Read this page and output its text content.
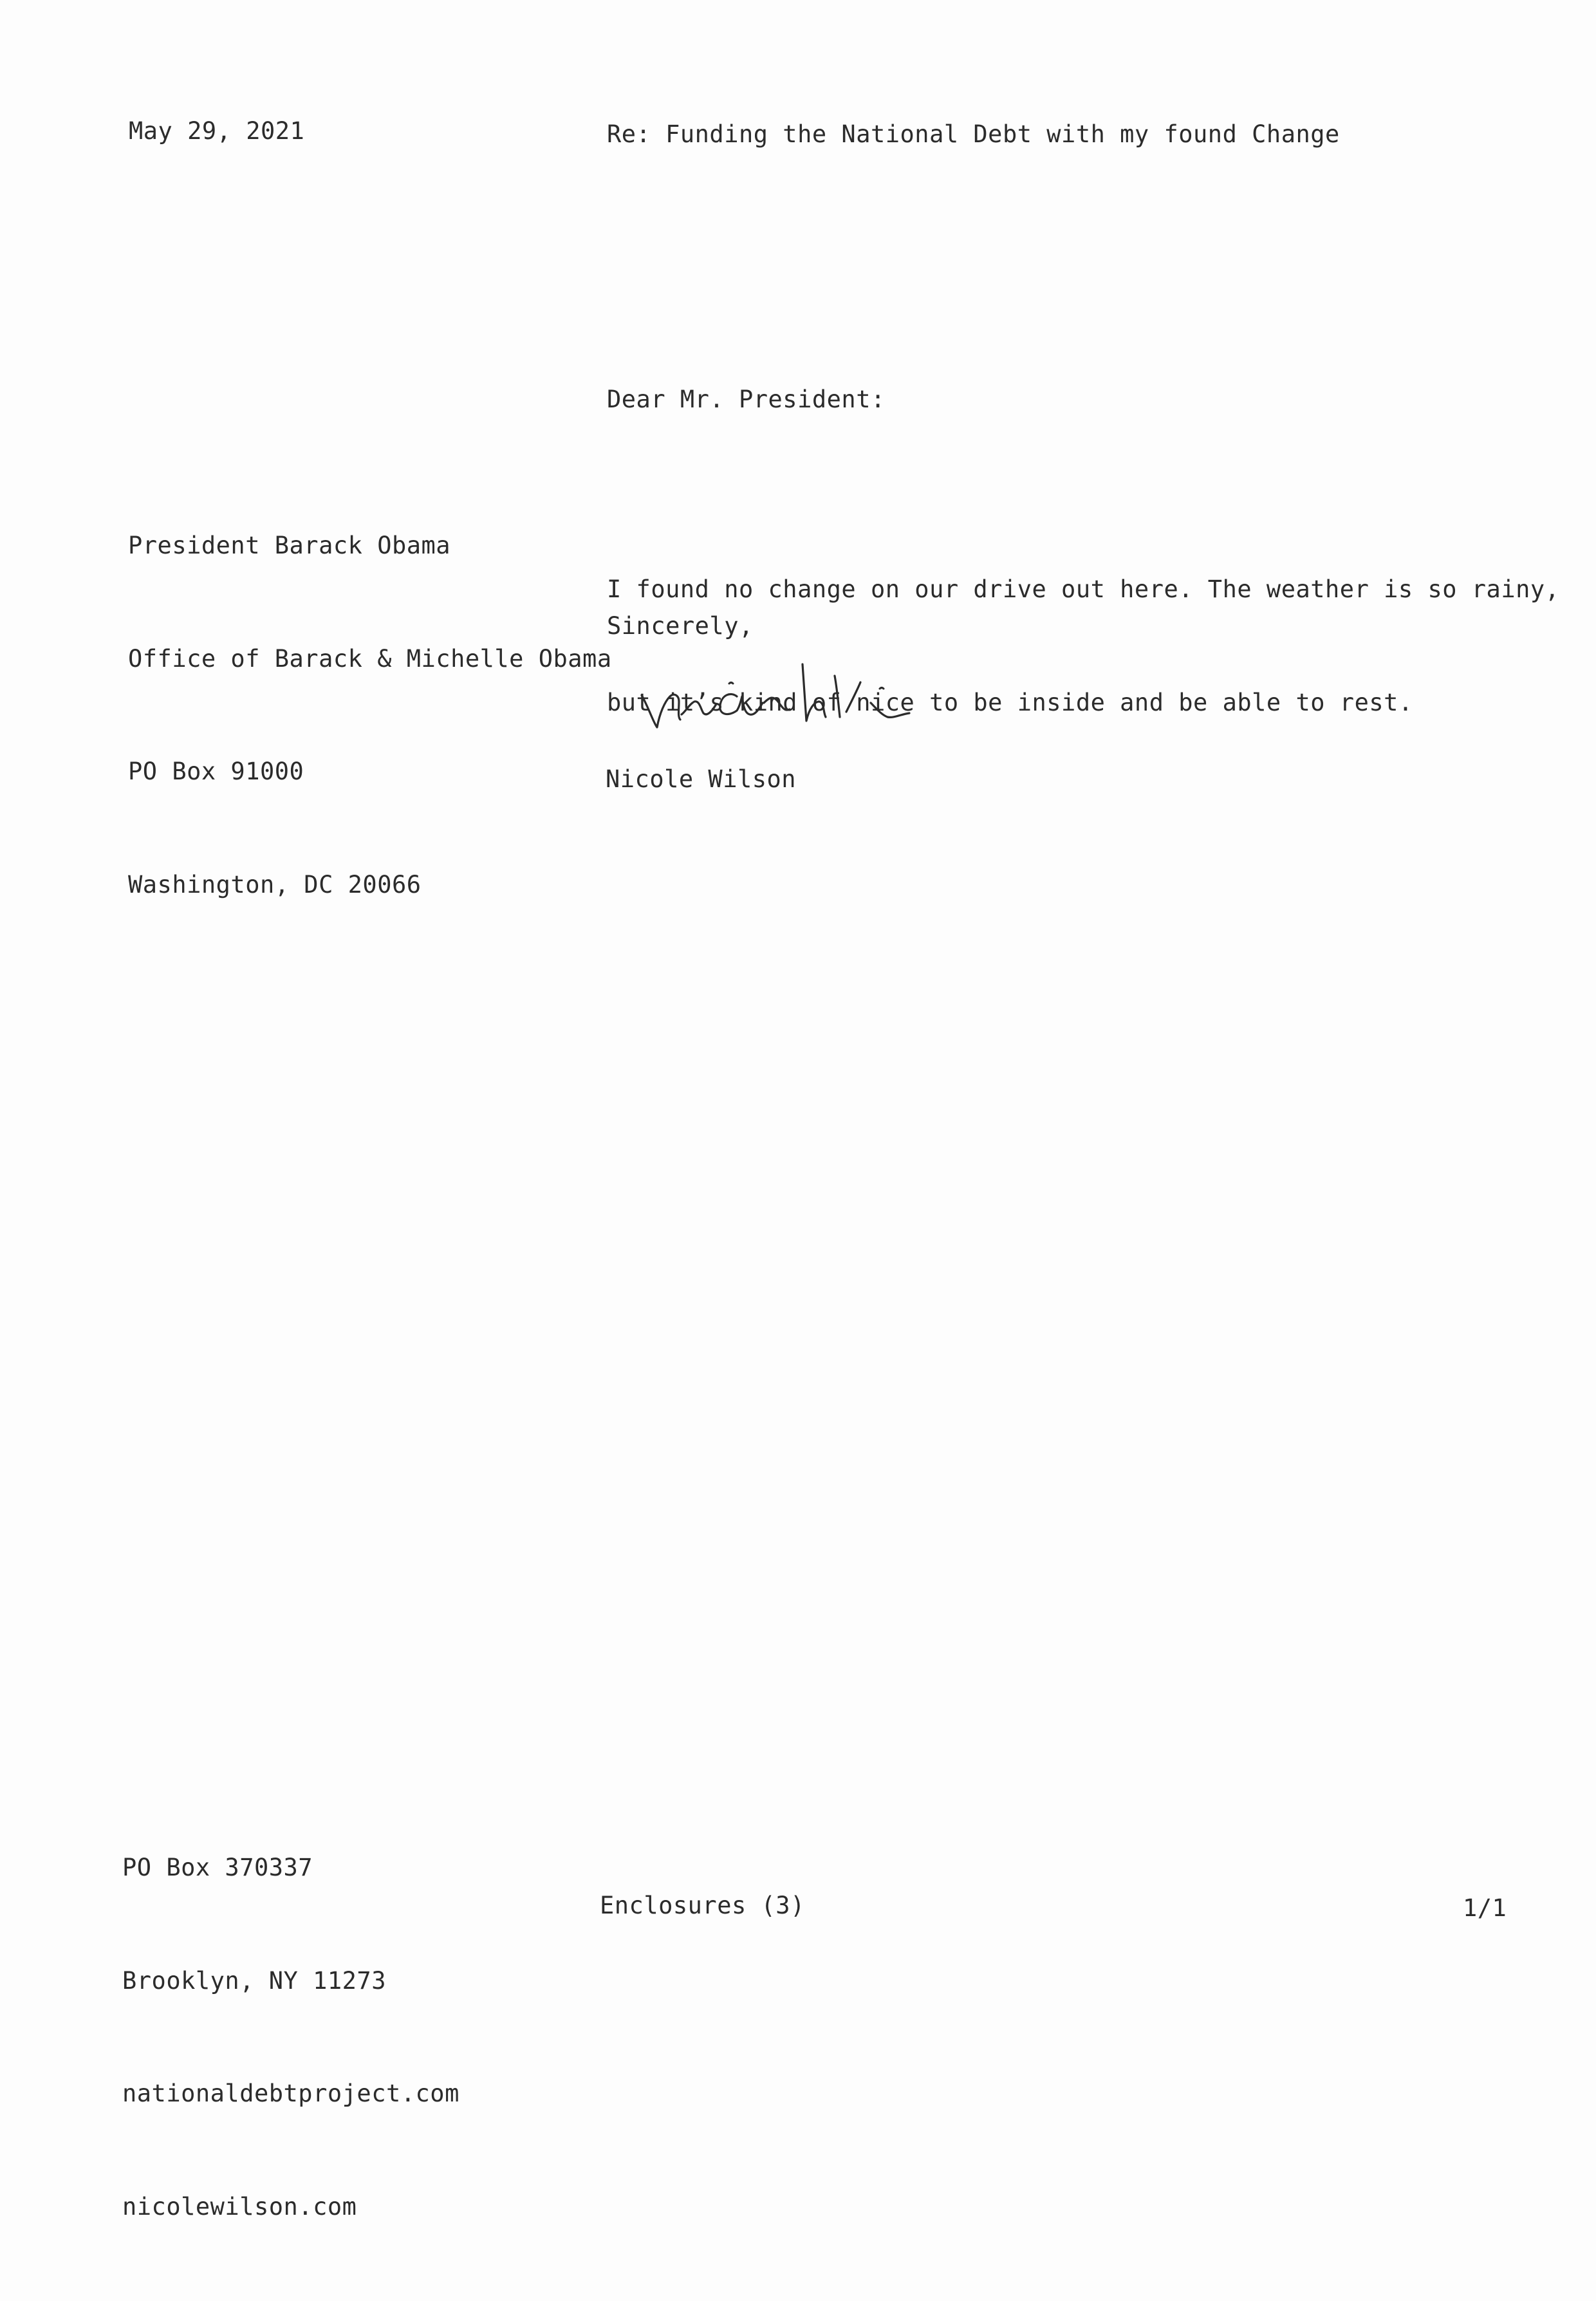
May 29, 2021	Re: Funding the National Debt with my found Change
Dear Mr. President:

President Barack Obama

Office of Barack & Michelle Obama

PO Box 91000

Washington, DC 20066

I found no change on our drive out here. The weather is so rainy,

but it’s kind of nice to be inside and be able to rest.

Sincerely,
Nicole Wilson

PO Box 370337

Brooklyn, NY 11273

nationaldebtproject.com

nicolewilson.com

Enclosures (3)	1/1
